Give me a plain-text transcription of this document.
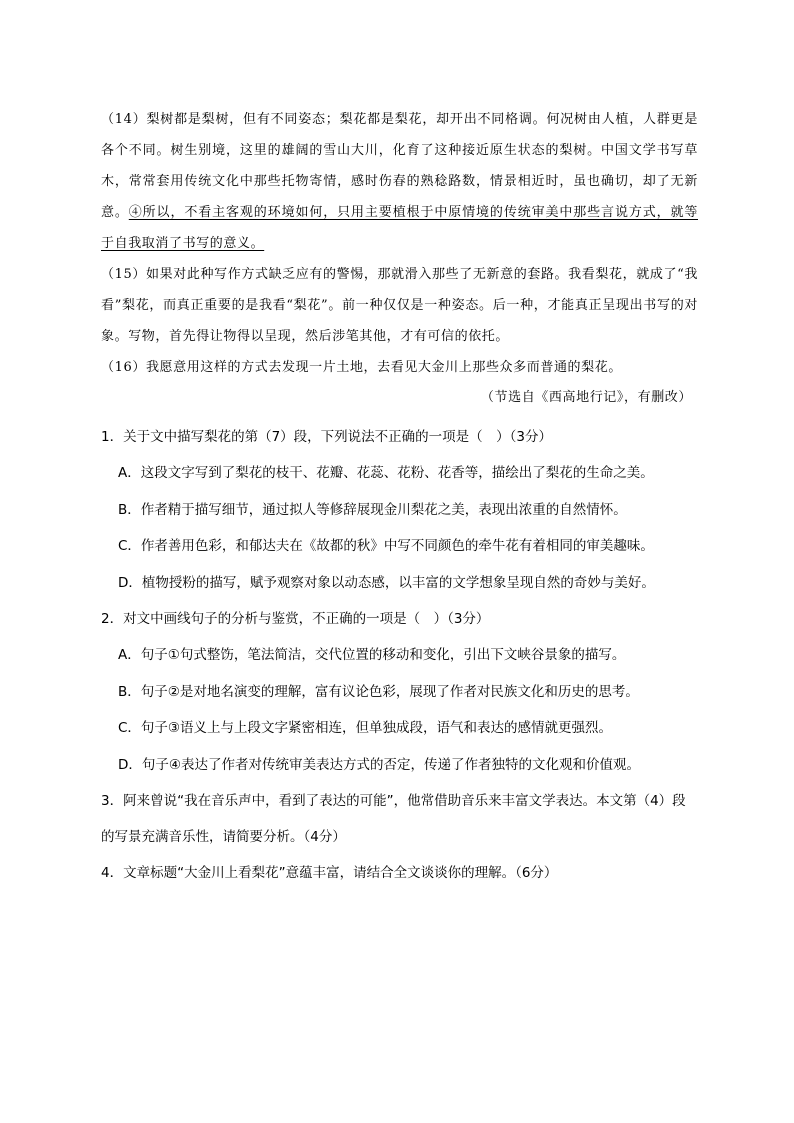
（14）梨树都是梨树，但有不同姿态；梨花都是梨花，却开出不同格调。何况树由人植，人群更是各个不同。树生别境，这里的雄阔的雪山大川，化育了这种接近原生状态的梨树。中国文学书写草木，常常套用传统文化中那些托物寄情，感时伤春的熟稔路数，情景相近时，虽也确切，却了无新意。④所以，不看主客观的环境如何，只用主要植根于中原情境的传统审美中那些言说方式，就等于自我取消了书写的意义。

（15）如果对此种写作方式缺乏应有的警惕，那就滑入那些了无新意的套路。我看梨花，就成了“我看”梨花，而真正重要的是我看“梨花”。前一种仅仅是一种姿态。后一种，才能真正呈现出书写的对象。写物，首先得让物得以呈现，然后涉笔其他，才有可信的依托。

（16）我愿意用这样的方式去发现一片土地，去看见大金川上那些众多而普通的梨花。

（节选自《西高地行记》，有删改）

1．关于文中描写梨花的第（7）段，下列说法不正确的一项是（　）（3分）

A．这段文字写到了梨花的枝干、花瓣、花蕊、花粉、花香等，描绘出了梨花的生命之美。

B．作者精于描写细节，通过拟人等修辞展现金川梨花之美，表现出浓重的自然情怀。

C．作者善用色彩，和郁达夫在《故都的秋》中写不同颜色的牵牛花有着相同的审美趣味。

D．植物授粉的描写，赋予观察对象以动态感，以丰富的文学想象呈现自然的奇妙与美好。

2．对文中画线句子的分析与鉴赏，不正确的一项是（　）（3分）

A．句子①句式整饬，笔法简洁，交代位置的移动和变化，引出下文峡谷景象的描写。

B．句子②是对地名演变的理解，富有议论色彩，展现了作者对民族文化和历史的思考。

C．句子③语义上与上段文字紧密相连，但单独成段，语气和表达的感情就更强烈。

D．句子④表达了作者对传统审美表达方式的否定，传递了作者独特的文化观和价值观。

3．阿来曾说“我在音乐声中，看到了表达的可能”，他常借助音乐来丰富文学表达。本文第（4）段的写景充满音乐性，请简要分析。（4分）

4．文章标题“大金川上看梨花”意蕴丰富，请结合全文谈谈你的理解。（6分）
